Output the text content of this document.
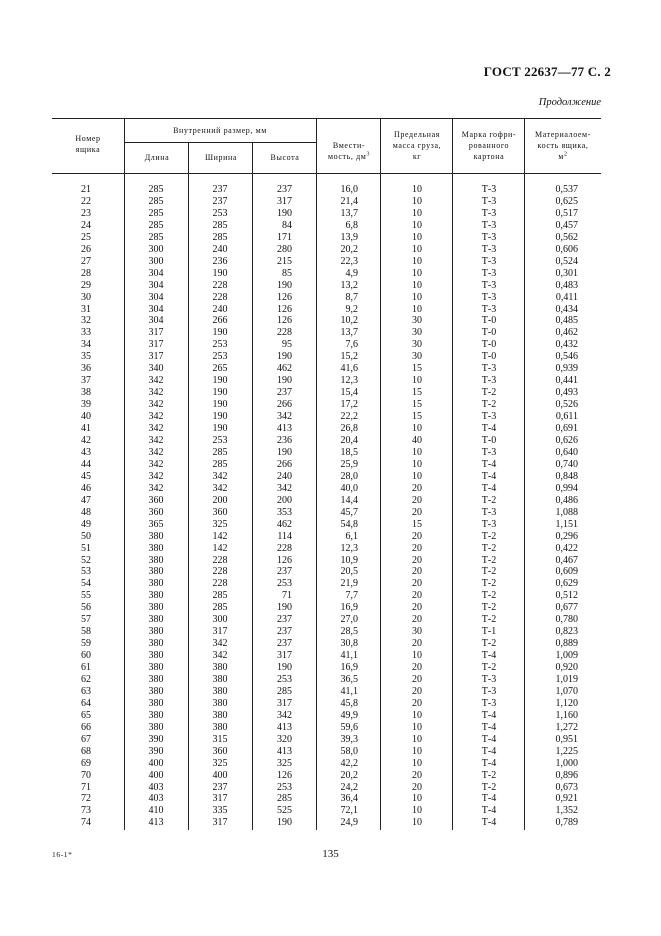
ГОСТ 22637—77 С. 2
Продолжение
Номер
ящика
Внутренний размер, мм
Длина	Ширина	Высота
Вмести-
мость, $дм^3$
Предельная
масса груза,
кг
Марка гофри-
рованного
картона
Материалоем-
кость ящика,
$м^2$
21	285	237	237	16,0	10	Т-3	0,537
22	285	237	317	21,4	10	Т-3	0,625
23	285	253	190	13,7	10	Т-3	0,517
24	285	285	84	6,8	10	Т-3	0,457
25	285	285	171	13,9	10	Т-3	0,562
26	300	240	280	20,2	10	Т-3	0,606
27	300	236	215	22,3	10	Т-3	0,524
28	304	190	85	4,9	10	Т-3	0,301
29	304	228	190	13,2	10	Т-3	0,483
30	304	228	126	8,7	10	Т-3	0,411
31	304	240	126	9,2	10	Т-3	0,434
32	304	266	126	10,2	30	Т-0	0,485
33	317	190	228	13,7	30	Т-0	0,462
34	317	253	95	7,6	30	Т-0	0,432
35	317	253	190	15,2	30	Т-0	0,546
36	340	265	462	41,6	15	Т-3	0,939
37	342	190	190	12,3	10	Т-3	0,441
38	342	190	237	15,4	15	Т-2	0,493
39	342	190	266	17,2	15	Т-2	0,526
40	342	190	342	22,2	15	Т-3	0,611
41	342	190	413	26,8	10	Т-4	0,691
42	342	253	236	20,4	40	Т-0	0,626
43	342	285	190	18,5	10	Т-3	0,640
44	342	285	266	25,9	10	Т-4	0,740
45	342	342	240	28,0	10	Т-4	0,848
46	342	342	342	40,0	20	Т-4	0,994
47	360	200	200	14,4	20	Т-2	0,486
48	360	360	353	45,7	20	Т-3	1,088
49	365	325	462	54,8	15	Т-3	1,151
50	380	142	114	6,1	20	Т-2	0,296
51	380	142	228	12,3	20	Т-2	0,422
52	380	228	126	10,9	20	Т-2	0,467
53	380	228	237	20,5	20	Т-2	0,609
54	380	228	253	21,9	20	Т-2	0,629
55	380	285	71	7,7	20	Т-2	0,512
56	380	285	190	16,9	20	Т-2	0,677
57	380	300	237	27,0	20	Т-2	0,780
58	380	317	237	28,5	30	Т-1	0,823
59	380	342	237	30,8	20	Т-2	0,889
60	380	342	317	41,1	10	Т-4	1,009
61	380	380	190	16,9	20	Т-2	0,920
62	380	380	253	36,5	20	Т-3	1,019
63	380	380	285	41,1	20	Т-3	1,070
64	380	380	317	45,8	20	Т-3	1,120
65	380	380	342	49,9	10	Т-4	1,160
66	380	380	413	59,6	10	Т-4	1,272
67	390	315	320	39,3	10	Т-4	0,951
68	390	360	413	58,0	10	Т-4	1,225
69	400	325	325	42,2	10	Т-4	1,000
70	400	400	126	20,2	20	Т-2	0,896
71	403	237	253	24,2	20	Т-2	0,673
72	403	317	285	36,4	10	Т-4	0,921
73	410	335	525	72,1	10	Т-4	1,352
74	413	317	190	24,9	10	Т-4	0,789
16-1*	135
